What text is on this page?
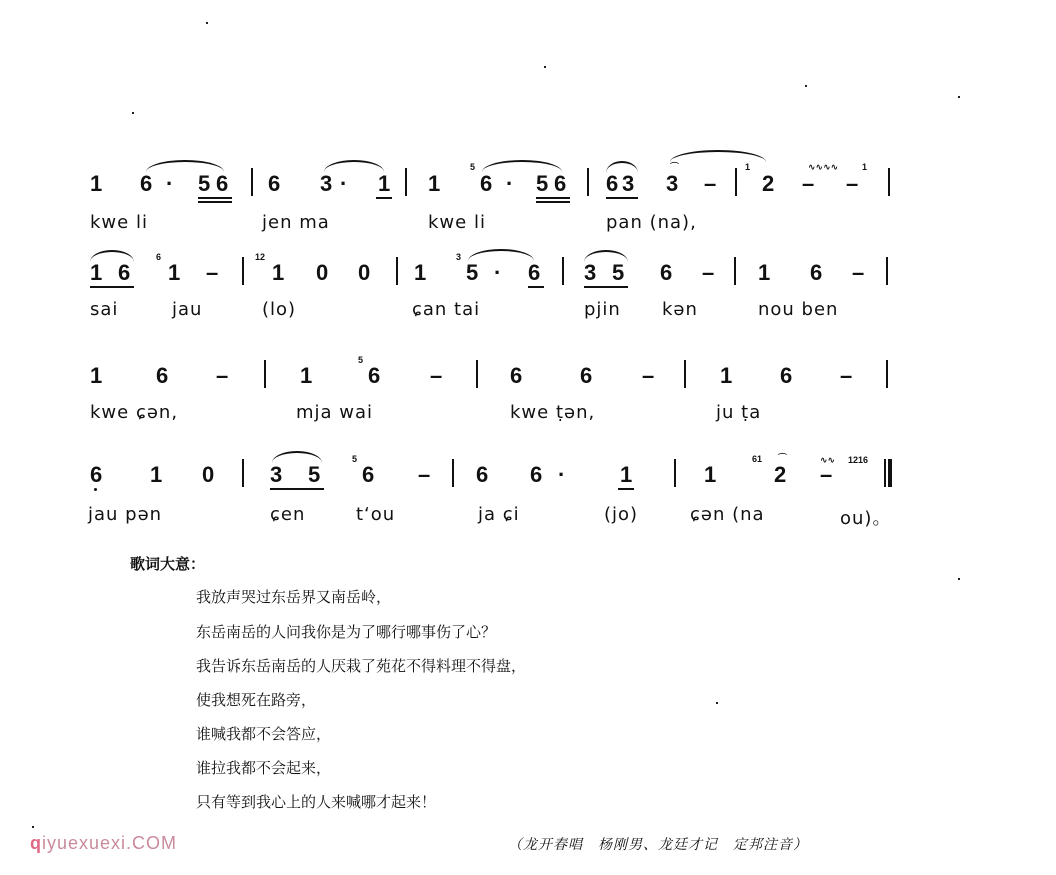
1 6 · 5 6 6 3 · 1 1
5
6 · 5 6 6 3 3
⌒
–
1
2 – –
∿∿∿∿	1
kwe li	jen ma	kwe li	pan (na),
1 6
6
1 –
12
1 0 0 1
3
5 · 6 3 5 6 – 1 6 –
sai	jau	(lo)	ɕan tai	pjin kən	nou ben
1 6 –	1
5
6 –	6	6 –	1 6 –
kwe ɕən,	mja wai	kwe ṭən,	ju ṭa
6 1 0	3 5
5
6 – 6 6 · 1	1
61
2
⌒
–
∿∿ 1216
jau pən	ɕen	t‘ou	ja ɕi	(jo)	ɕən (na	ou)。
歌词大意：
我放声哭过东岳界又南岳岭，
东岳南岳的人问我你是为了哪行哪事伤了心？
我告诉东岳南岳的人厌栽了苑花不得料理不得盘，
使我想死在路旁，
谁喊我都不会答应，
谁拉我都不会起来，
只有等到我心上的人来喊哪才起来！
（龙开春唱　杨刚男、龙廷才记　定邦注音）
qiyuexuexi.COM
